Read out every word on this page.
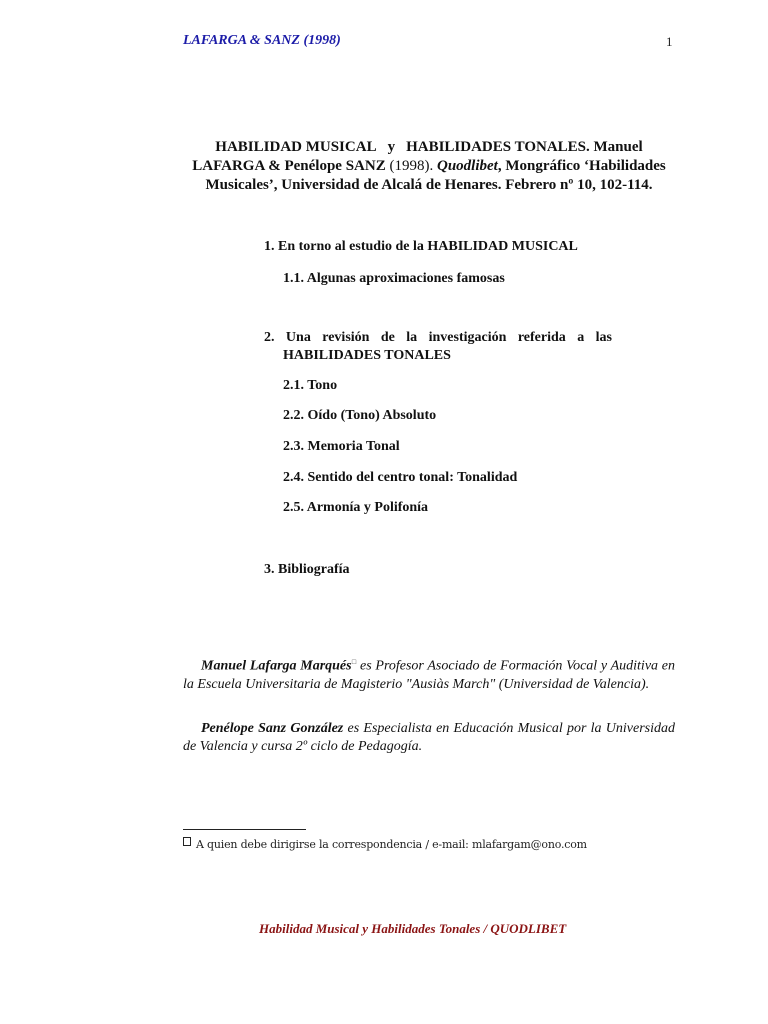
LAFARGA & SANZ (1998)	1
HABILIDAD MUSICAL y HABILIDADES TONALES. Manuel
LAFARGA & Penélope SANZ (1998). Quodlibet, Mongráfico ‘Habilidades
Musicales’, Universidad de Alcalá de Henares. Febrero nº 10, 102-114.
1. En torno al estudio de la HABILIDAD MUSICAL
1.1. Algunas aproximaciones famosas
2. Una revisión de la investigación referida a las
HABILIDADES TONALES
2.1. Tono
2.2. Oído (Tono) Absoluto
2.3. Memoria Tonal
2.4. Sentido del centro tonal: Tonalidad
2.5. Armonía y Polifonía
3. Bibliografía
Manuel Lafarga Marqués□ es Profesor Asociado de Formación Vocal y Auditiva en la Escuela Universitaria de Magisterio "Ausiàs March" (Universidad de Valencia).
Penélope Sanz González es Especialista en Educación Musical por la Universidad de Valencia y cursa 2º ciclo de Pedagogía.
A quien debe dirigirse la correspondencia / e-mail: mlafargam@ono.com
Habilidad Musical y Habilidades Tonales / QUODLIBET
